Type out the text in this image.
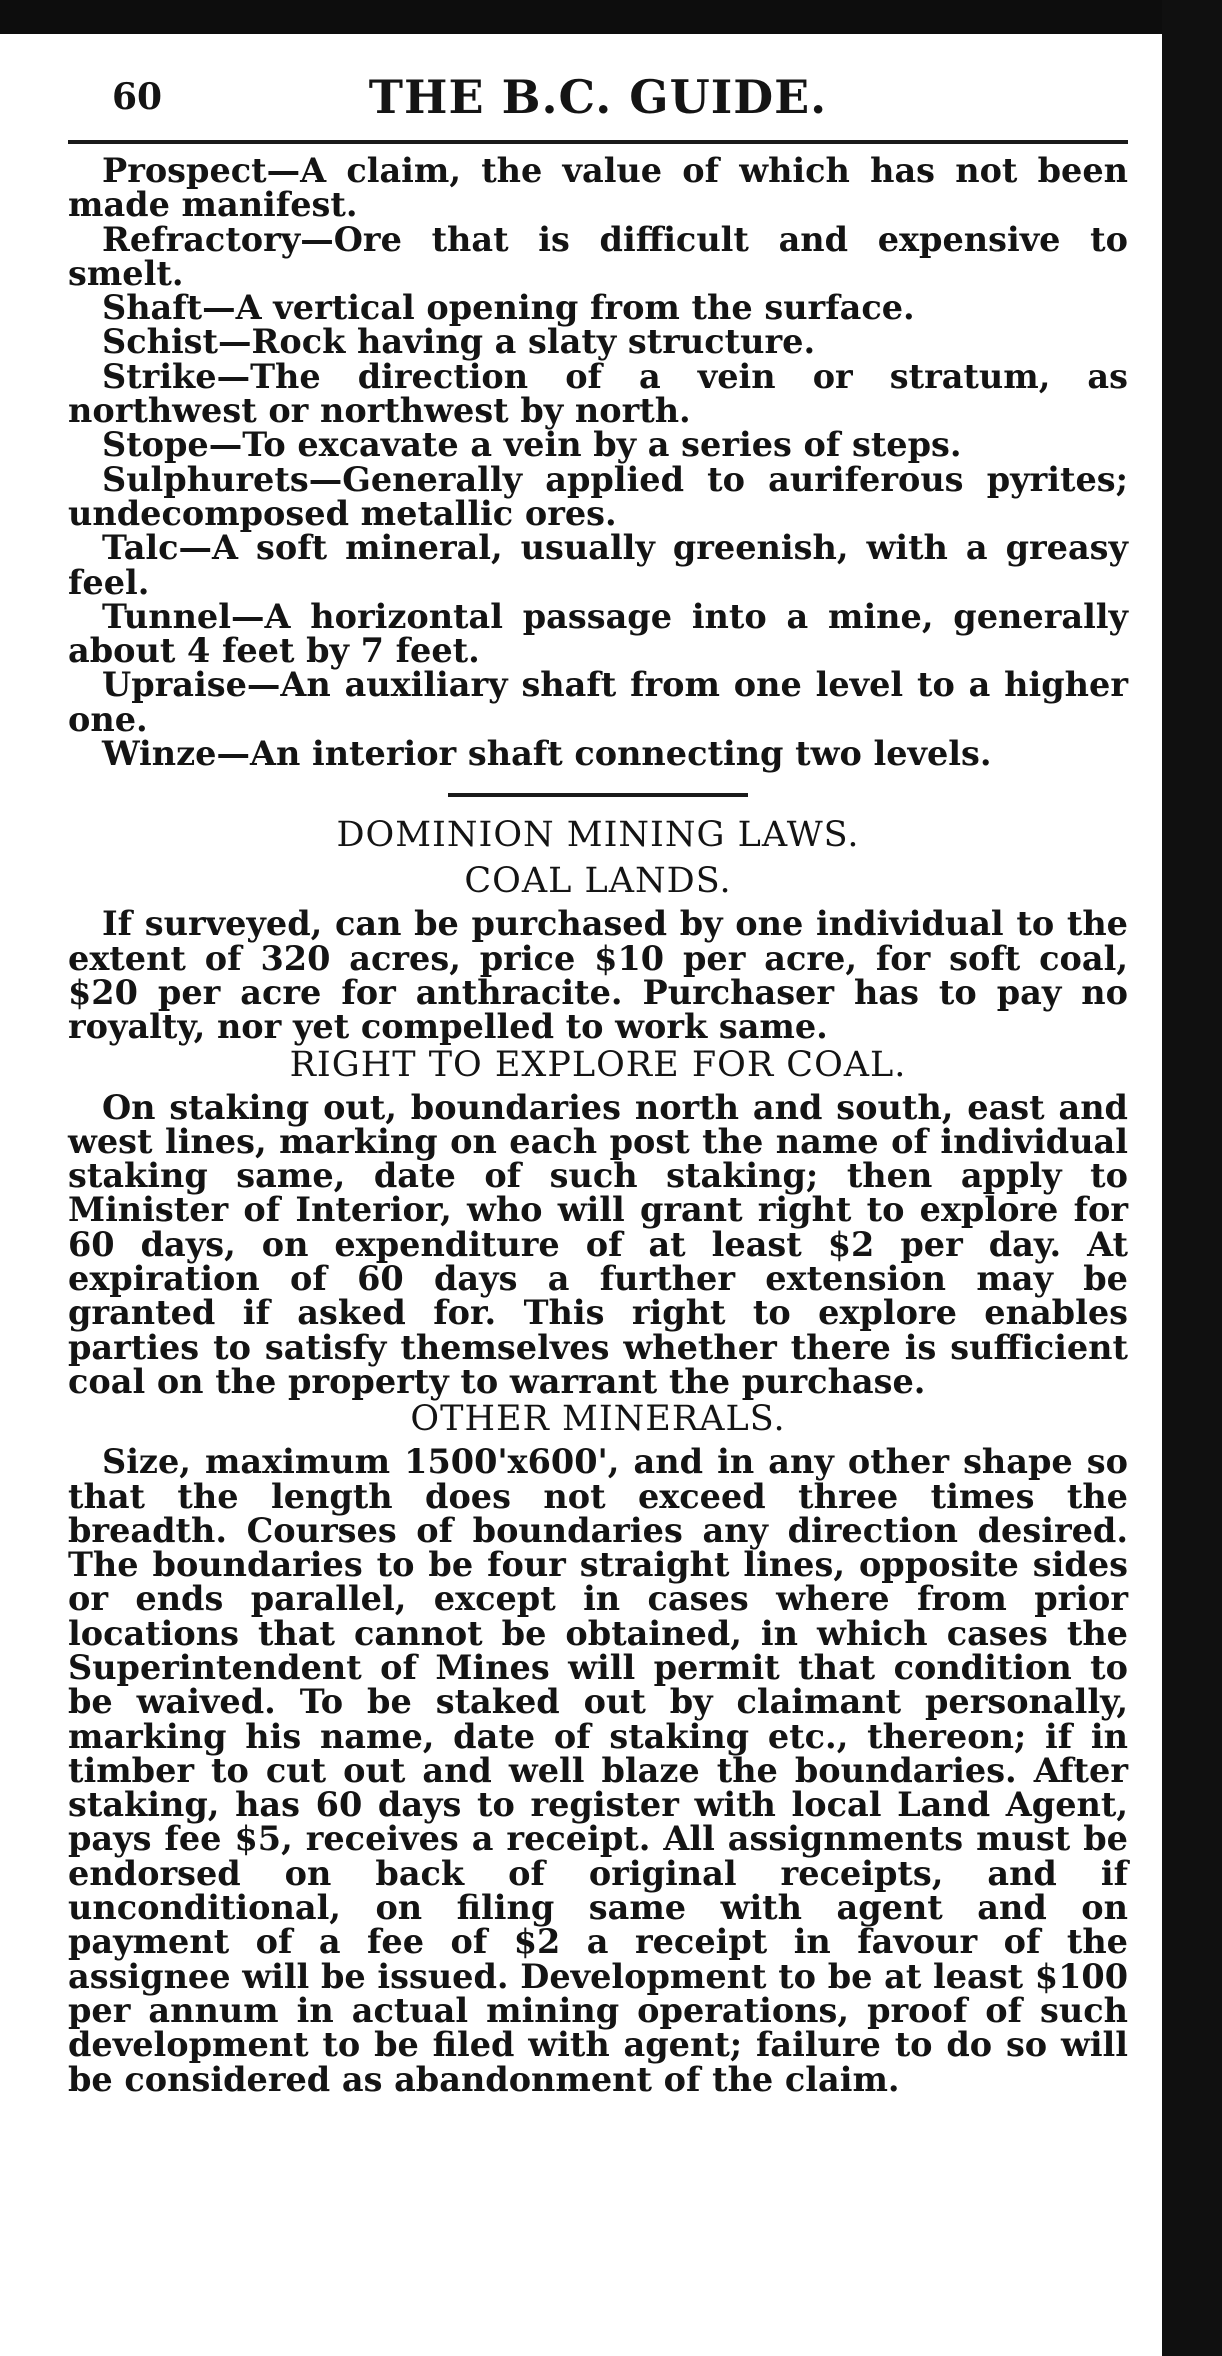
60	THE B.C. GUIDE.

Prospect—A claim, the value of which has not been made manifest.

Refractory—Ore that is difficult and expensive to smelt.

Shaft—A vertical opening from the surface.

Schist—Rock having a slaty structure.

Strike—The direction of a vein or stratum, as northwest or northwest by north.

Stope—To excavate a vein by a series of steps.

Sulphurets—Generally applied to auriferous pyrites; undecomposed metallic ores.

Talc—A soft mineral, usually greenish, with a greasy feel.

Tunnel—A horizontal passage into a mine, generally about 4 feet by 7 feet.

Upraise—An auxiliary shaft from one level to a higher one.

Winze—An interior shaft connecting two levels.

DOMINION MINING LAWS.
COAL LANDS.

If surveyed, can be purchased by one individual to the extent of 320 acres, price $10 per acre, for soft coal, $20 per acre for anthracite. Purchaser has to pay no royalty, nor yet compelled to work same.

RIGHT TO EXPLORE FOR COAL.

On staking out, boundaries north and south, east and west lines, marking on each post the name of individual staking same, date of such staking; then apply to Minister of Interior, who will grant right to explore for 60 days, on expenditure of at least $2 per day. At expiration of 60 days a further extension may be granted if asked for. This right to explore enables parties to satisfy themselves whether there is sufficient coal on the property to warrant the purchase.

OTHER MINERALS.

Size, maximum 1500'x600', and in any other shape so that the length does not exceed three times the breadth. Courses of boundaries any direction desired. The boundaries to be four straight lines, opposite sides or ends parallel, except in cases where from prior locations that cannot be obtained, in which cases the Superintendent of Mines will permit that condition to be waived. To be staked out by claimant personally, marking his name, date of staking etc., thereon; if in timber to cut out and well blaze the boundaries. After staking, has 60 days to register with local Land Agent, pays fee $5, receives a receipt. All assignments must be endorsed on back of original receipts, and if unconditional, on filing same with agent and on payment of a fee of $2 a receipt in favour of the assignee will be issued. Development to be at least $100 per annum in actual mining operations, proof of such development to be filed with agent; failure to do so will be considered as abandonment of the claim.
